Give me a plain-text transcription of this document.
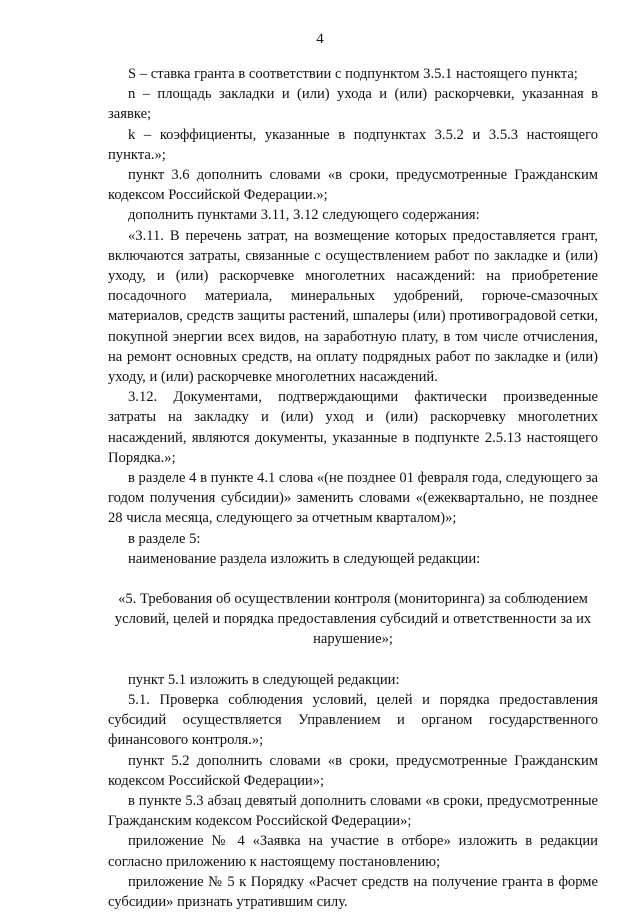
4

S – ставка гранта в соответствии с подпунктом 3.5.1 настоящего пункта;

n – площадь закладки и (или) ухода и (или) раскорчевки, указанная в заявке;

k – коэффициенты, указанные в подпунктах 3.5.2 и 3.5.3 настоящего пункта.»;

пункт 3.6 дополнить словами «в сроки, предусмотренные Гражданским кодексом Российской Федерации.»;

дополнить пунктами 3.11, 3.12 следующего содержания:

«3.11. В перечень затрат, на возмещение которых предоставляется грант, включаются затраты, связанные с осуществлением работ по закладке и (или) уходу, и (или) раскорчевке многолетних насаждений: на приобретение посадочного материала, минеральных удобрений, горюче-смазочных материалов, средств защиты растений, шпалеры (или) противоградовой сетки, покупной энергии всех видов, на заработную плату, в том числе отчисления, на ремонт основных средств, на оплату подрядных работ по закладке и (или) уходу, и (или) раскорчевке многолетних насаждений.

3.12. Документами, подтверждающими фактически произведенные затраты на закладку и (или) уход и (или) раскорчевку многолетних насаждений, являются документы, указанные в подпункте 2.5.13 настоящего Порядка.»;

в разделе 4 в пункте 4.1 слова «(не позднее 01 февраля года, следующего за годом получения субсидии)» заменить словами «(ежеквартально, не позднее 28 числа месяца, следующего за отчетным кварталом)»;

в разделе 5:

наименование раздела изложить в следующей редакции:

«5. Требования об осуществлении контроля (мониторинга) за соблюдением условий, целей и порядка предоставления субсидий и ответственности за их нарушение»;

пункт 5.1 изложить в следующей редакции:

5.1. Проверка соблюдения условий, целей и порядка предоставления субсидий осуществляется Управлением и органом государственного финансового контроля.»;

пункт 5.2 дополнить словами «в сроки, предусмотренные Гражданским кодексом Российской Федерации»;

в пункте 5.3 абзац девятый дополнить словами «в сроки, предусмотренные Гражданским кодексом Российской Федерации»;

приложение № 4 «Заявка на участие в отборе» изложить в редакции согласно приложению к настоящему постановлению;

приложение № 5 к Порядку «Расчет средств на получение гранта в форме субсидии» признать утратившим силу.
